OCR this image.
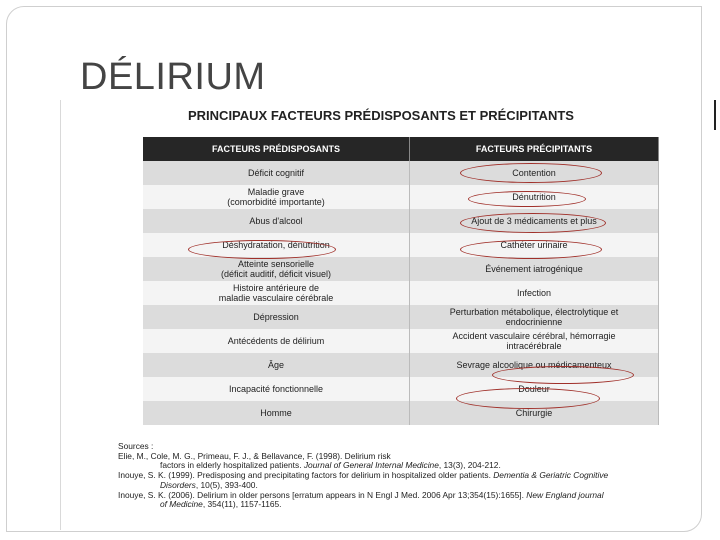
DÉLIRIUM
PRINCIPAUX FACTEURS PRÉDISPOSANTS ET PRÉCIPITANTS
FACTEURS PRÉDISPOSANTS	FACTEURS PRÉCIPITANTS
Déficit cognitif	Contention
Maladie grave
(comorbidité importante)	Dénutrition
Abus d'alcool	Ajout de 3 médicaments et plus
Déshydratation, dénutrition	Cathéter urinaire
Atteinte sensorielle
(déficit auditif, déficit visuel)	Événement iatrogénique
Histoire antérieure de
maladie vasculaire cérébrale	Infection
Dépression	Perturbation métabolique, électrolytique et
endocrinienne
Antécédents de délirium	Accident vasculaire cérébral, hémorragie
intracérébrale
Âge	Sevrage alcoolique ou médicamenteux
Incapacité fonctionnelle	Douleur
Homme	Chirurgie
Sources :
Elie, M., Cole, M. G., Primeau, F. J., & Bellavance, F. (1998). Delirium risk
factors in elderly hospitalized patients. Journal of General Internal Medicine, 13(3), 204-212.
Inouye, S. K. (1999). Predisposing and precipitating factors for delirium in hospitalized older patients. Dementia & Geriatric Cognitive
Disorders, 10(5), 393-400.
Inouye, S. K. (2006). Delirium in older persons [erratum appears in N Engl J Med. 2006 Apr 13;354(15):1655]. New England journal
of Medicine, 354(11), 1157-1165.
